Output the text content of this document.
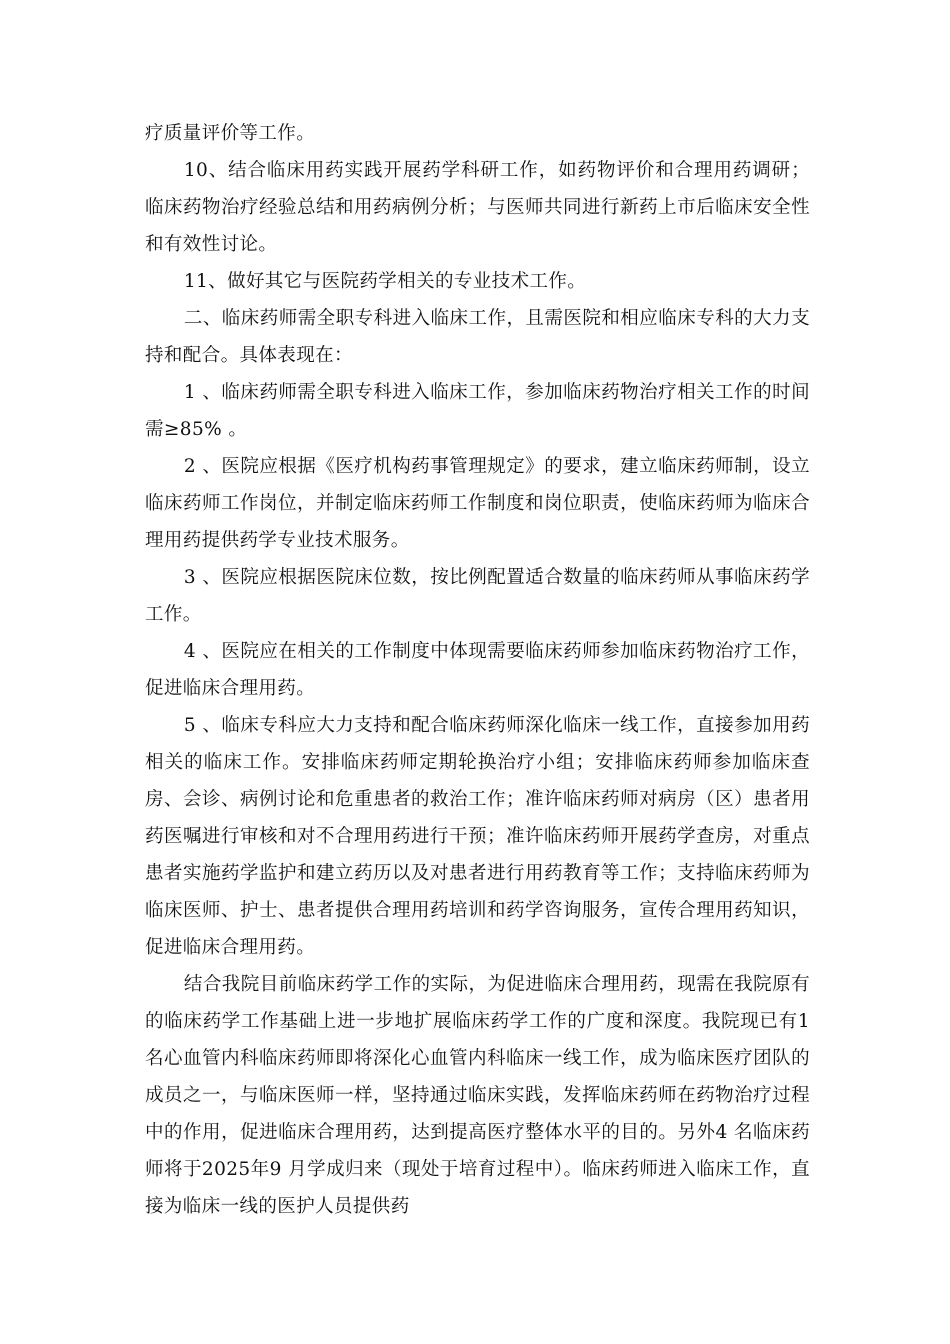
疗质量评价等工作。

10、结合临床用药实践开展药学科研工作，如药物评价和合理用药调研；临床药物治疗经验总结和用药病例分析；与医师共同进行新药上市后临床安全性和有效性讨论。

11、做好其它与医院药学相关的专业技术工作。

二、临床药师需全职专科进入临床工作，且需医院和相应临床专科的大力支持和配合。具体表现在：

1 、临床药师需全职专科进入临床工作，参加临床药物治疗相关工作的时间需≥85% 。

2 、医院应根据《医疗机构药事管理规定》的要求，建立临床药师制，设立临床药师工作岗位，并制定临床药师工作制度和岗位职责，使临床药师为临床合理用药提供药学专业技术服务。

3 、医院应根据医院床位数，按比例配置适合数量的临床药师从事临床药学工作。

4 、医院应在相关的工作制度中体现需要临床药师参加临床药物治疗工作，促进临床合理用药。

5 、临床专科应大力支持和配合临床药师深化临床一线工作，直接参加用药相关的临床工作。安排临床药师定期轮换治疗小组；安排临床药师参加临床查房、会诊、病例讨论和危重患者的救治工作；准许临床药师对病房（区）患者用药医嘱进行审核和对不合理用药进行干预；准许临床药师开展药学查房，对重点患者实施药学监护和建立药历以及对患者进行用药教育等工作；支持临床药师为临床医师、护士、患者提供合理用药培训和药学咨询服务，宣传合理用药知识，促进临床合理用药。

结合我院目前临床药学工作的实际，为促进临床合理用药，现需在我院原有的临床药学工作基础上进一步地扩展临床药学工作的广度和深度。我院现已有1 名心血管内科临床药师即将深化心血管内科临床一线工作，成为临床医疗团队的成员之一，与临床医师一样，坚持通过临床实践，发挥临床药师在药物治疗过程中的作用，促进临床合理用药，达到提高医疗整体水平的目的。另外4 名临床药师将于2025年9 月学成归来（现处于培育过程中）。临床药师进入临床工作，直接为临床一线的医护人员提供药
